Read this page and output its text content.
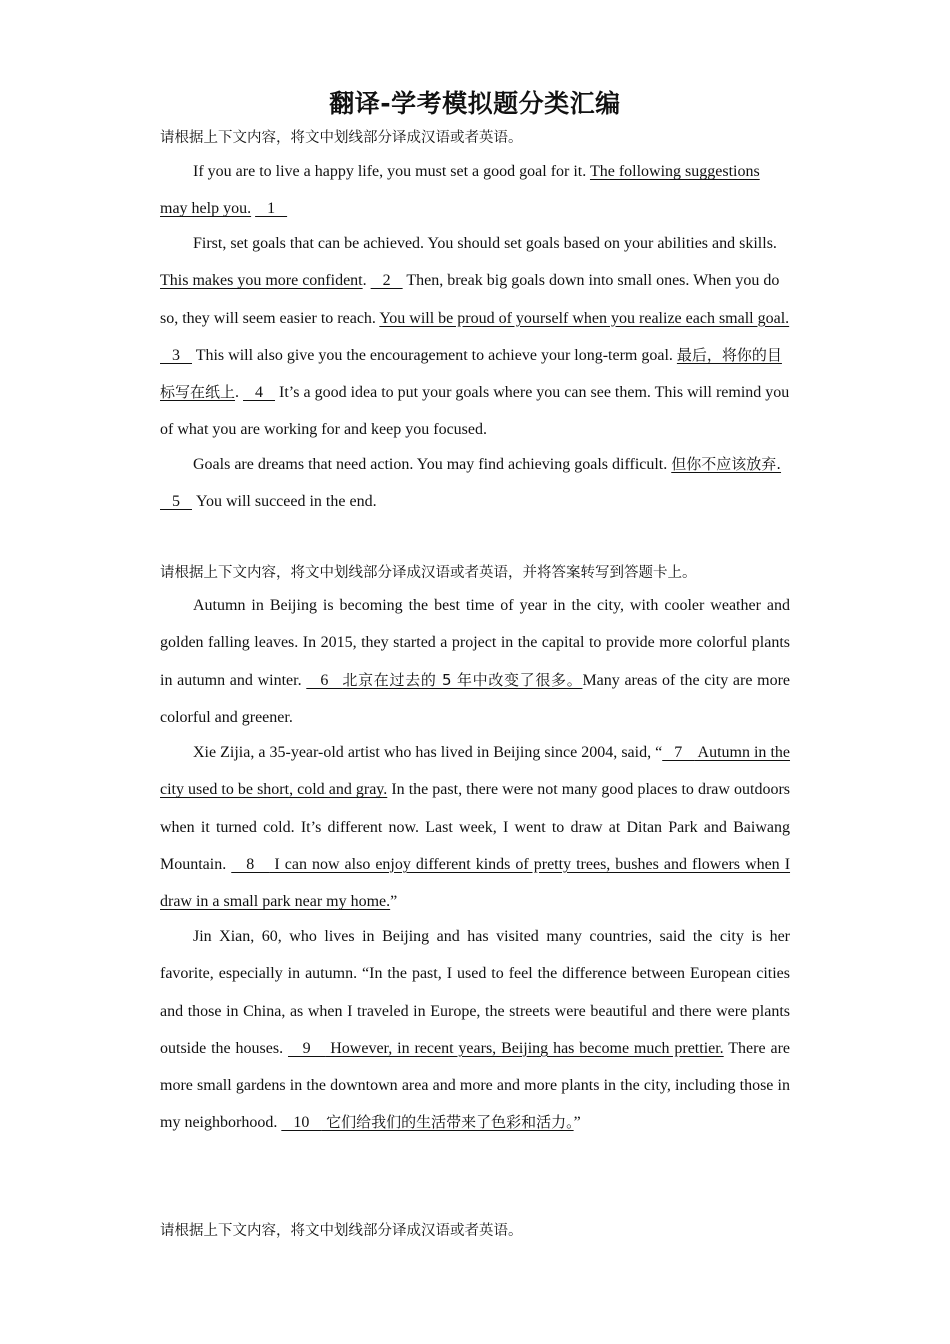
翻译-学考模拟题分类汇编
请根据上下文内容，将文中划线部分译成汉语或者英语。

If you are to live a happy life, you must set a good goal for it. The following suggestions may help you.    1

First, set goals that can be achieved. You should set goals based on your abilities and skills. This makes you more confident.    2    Then, break big goals down into small ones. When you do so, they will seem easier to reach. You will be proud of yourself when you realize each small goal.    3    This will also give you the encouragement to achieve your long-term goal. 最后，将你的目标写在纸上.    4    It’s a good idea to put your goals where you can see them. This will remind you of what you are working for and keep you focused.

Goals are dreams that need action. You may find achieving goals difficult. 但你不应该放弃.   5    You will succeed in the end.

请根据上下文内容，将文中划线部分译成汉语或者英语，并将答案转写到答题卡上。

Autumn in Beijing is becoming the best time of year in the city, with cooler weather and golden falling leaves. In 2015, they started a project in the capital to provide more colorful plants in autumn and winter.    6   北京在过去的 5 年中改变了很多。Many areas of the city are more colorful and greener.

Xie Zijia, a 35-year-old artist who has lived in Beijing since 2004, said, “   7    Autumn in the city used to be short, cold and gray. In the past, there were not many good places to draw outdoors when it turned cold. It’s different now. Last week, I went to draw at Ditan Park and Baiwang Mountain.    8    I can now also enjoy different kinds of pretty trees, bushes and flowers when I draw in a small park near my home.”

Jin Xian, 60, who lives in Beijing and has visited many countries, said the city is her favorite, especially in autumn. “In the past, I used to feel the difference between European cities and those in China, as when I traveled in Europe, the streets were beautiful and there were plants outside the houses.    9    However, in recent years, Beijing has become much prettier. There are more small gardens in the downtown area and more and more plants in the city, including those in my neighborhood.    10    它们给我们的生活带来了色彩和活力。”

请根据上下文内容，将文中划线部分译成汉语或者英语。
